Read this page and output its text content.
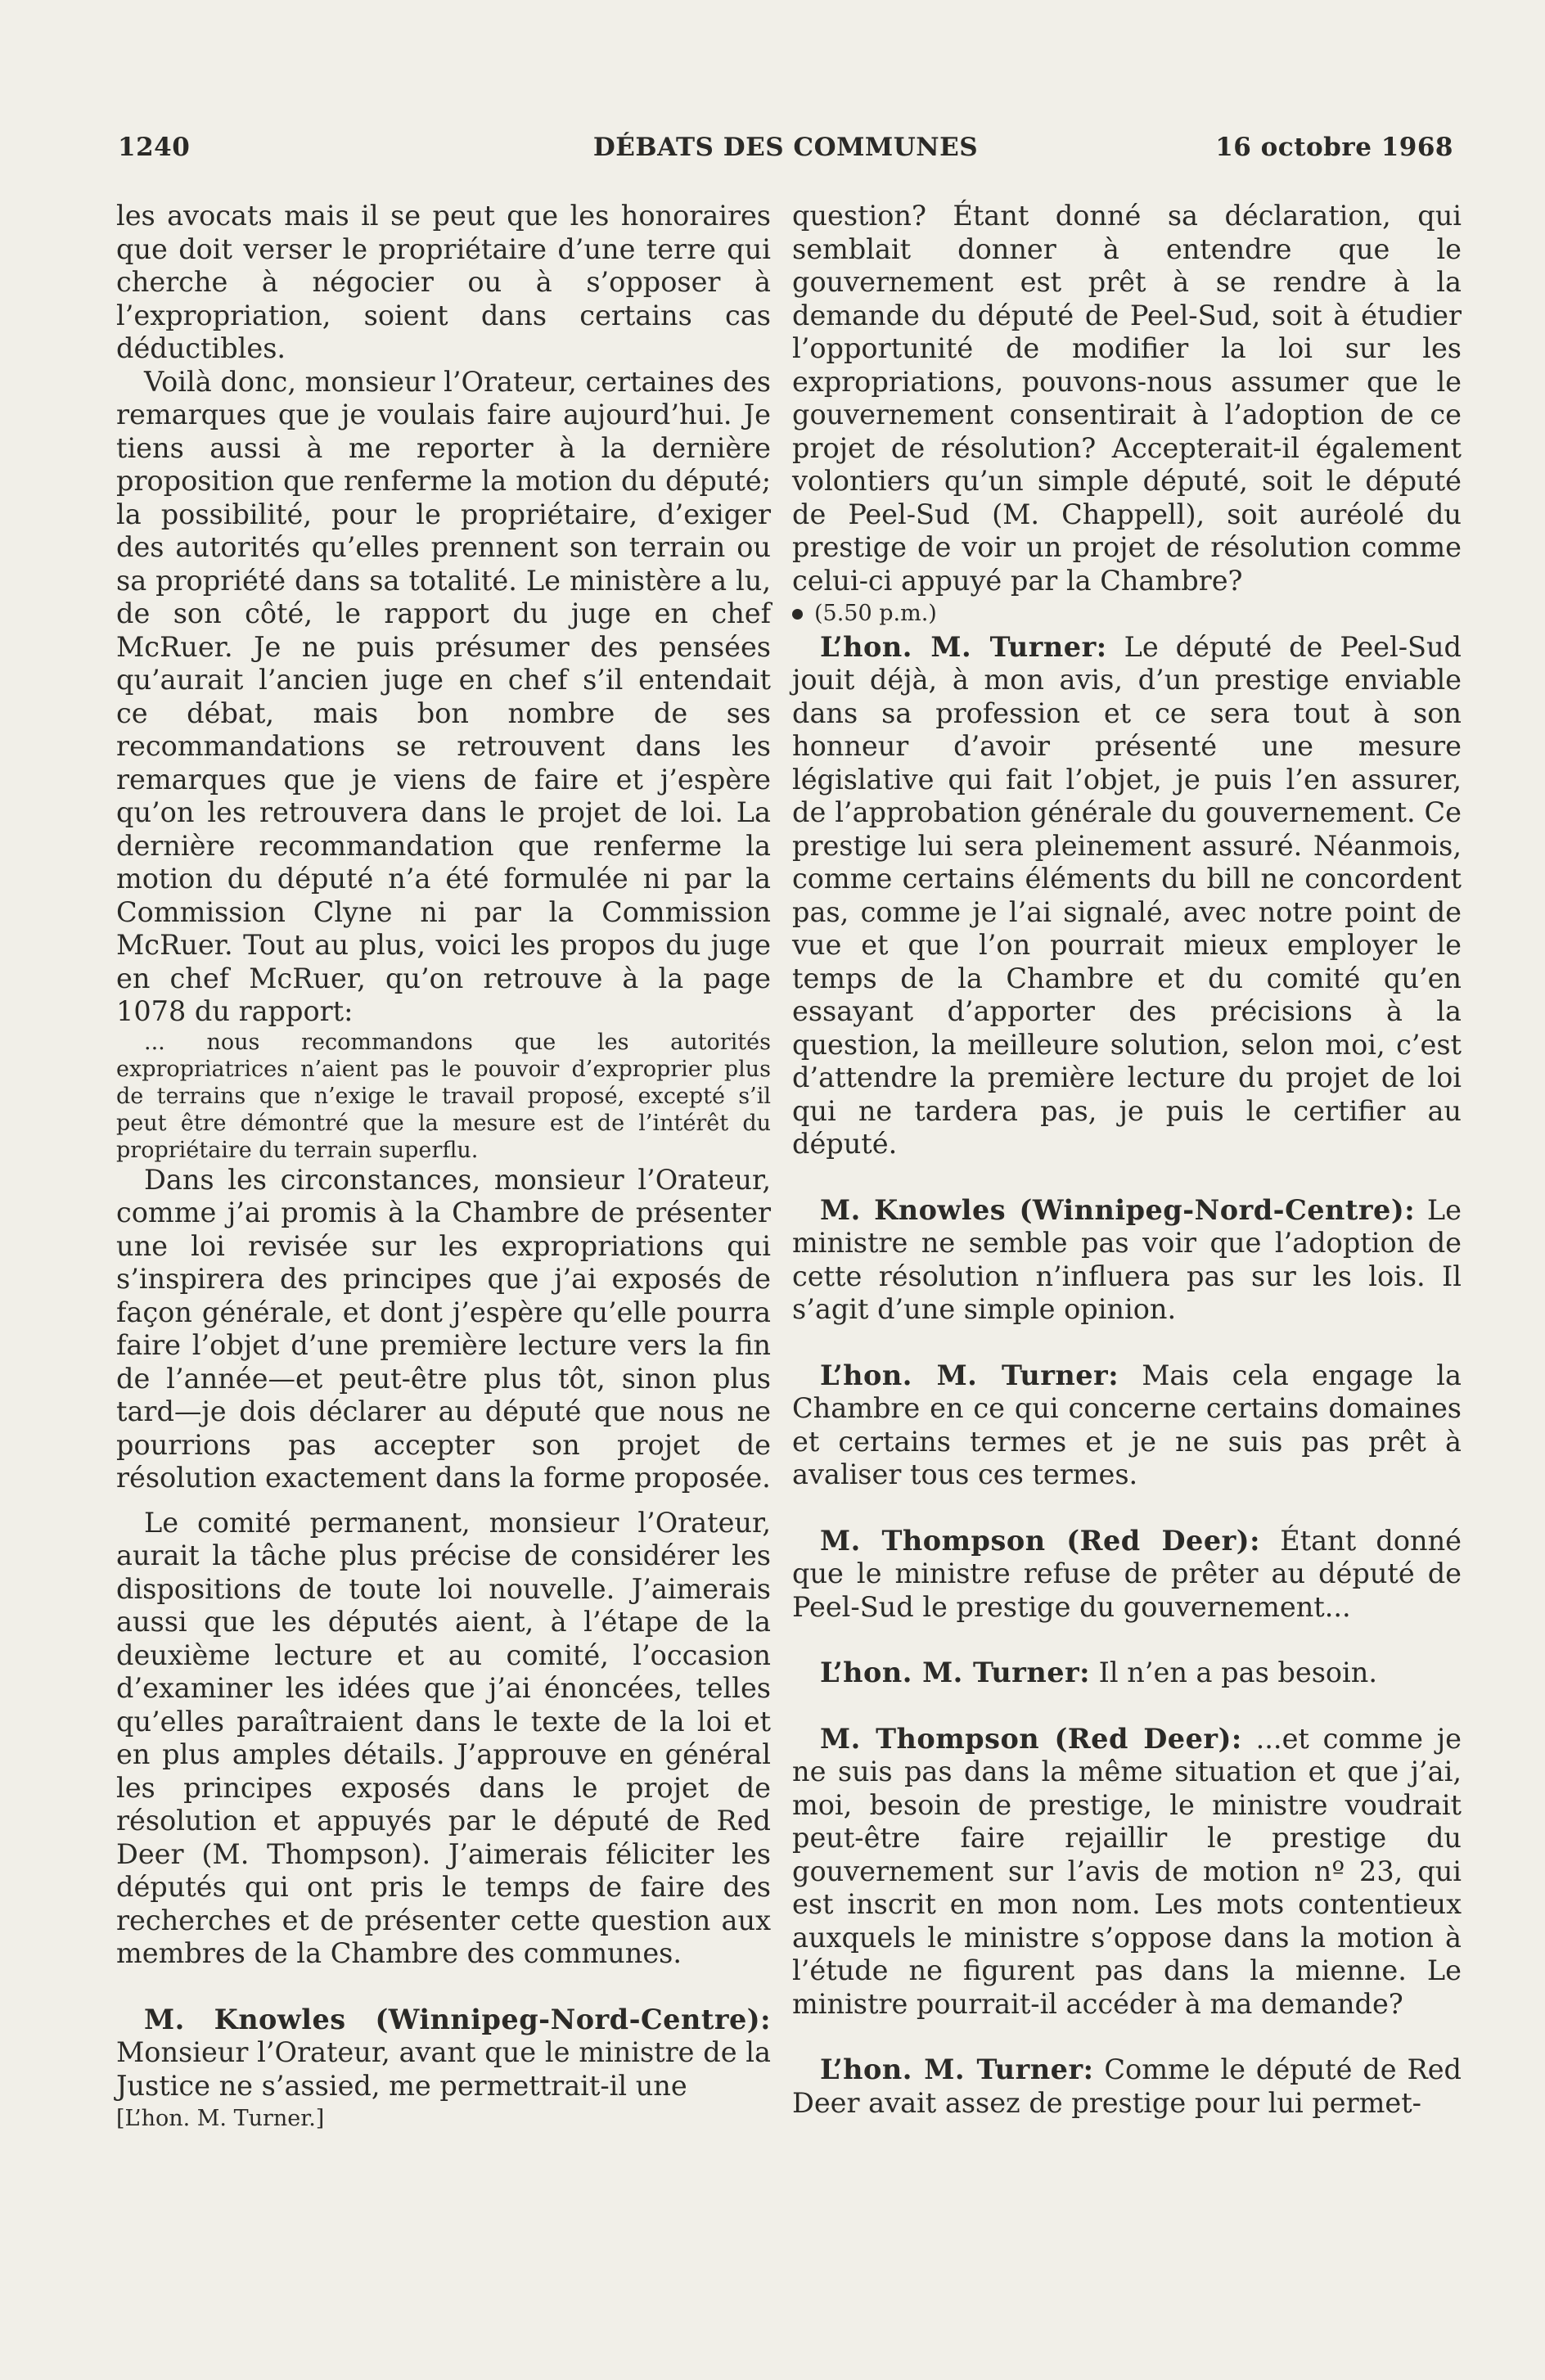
1240	DÉBATS DES COMMUNES	16 octobre 1968

les avocats mais il se peut que les honoraires que doit verser le propriétaire d’une terre qui cherche à négocier ou à s’opposer à l’expropriation, soient dans certains cas déductibles.

Voilà donc, monsieur l’Orateur, certaines des remarques que je voulais faire aujourd’hui. Je tiens aussi à me reporter à la dernière proposition que renferme la motion du député; la possibilité, pour le propriétaire, d’exiger des autorités qu’elles prennent son terrain ou sa propriété dans sa totalité. Le ministère a lu, de son côté, le rapport du juge en chef McRuer. Je ne puis présumer des pensées qu’aurait l’ancien juge en chef s’il entendait ce débat, mais bon nombre de ses recommandations se retrouvent dans les remarques que je viens de faire et j’espère qu’on les retrouvera dans le projet de loi. La dernière recommandation que renferme la motion du député n’a été formulée ni par la Commission Clyne ni par la Commission McRuer. Tout au plus, voici les propos du juge en chef McRuer, qu’on retrouve à la page 1078 du rapport:

... nous recommandons que les autorités expropriatrices n’aient pas le pouvoir d’exproprier plus de terrains que n’exige le travail proposé, excepté s’il peut être démontré que la mesure est de l’intérêt du propriétaire du terrain superflu.

Dans les circonstances, monsieur l’Orateur, comme j’ai promis à la Chambre de présenter une loi revisée sur les expropriations qui s’inspirera des principes que j’ai exposés de façon générale, et dont j’espère qu’elle pourra faire l’objet d’une première lecture vers la fin de l’année—et peut-être plus tôt, sinon plus tard—je dois déclarer au député que nous ne pourrions pas accepter son projet de résolution exactement dans la forme proposée.

Le comité permanent, monsieur l’Orateur, aurait la tâche plus précise de considérer les dispositions de toute loi nouvelle. J’aimerais aussi que les députés aient, à l’étape de la deuxième lecture et au comité, l’occasion d’examiner les idées que j’ai énoncées, telles qu’elles paraîtraient dans le texte de la loi et en plus amples détails. J’approuve en général les principes exposés dans le projet de résolution et appuyés par le député de Red Deer (M. Thompson). J’aimerais féliciter les députés qui ont pris le temps de faire des recherches et de présenter cette question aux membres de la Chambre des communes.

M. Knowles (Winnipeg-Nord-Centre): Monsieur l’Orateur, avant que le ministre de la Justice ne s’assied, me permettrait-il une

[L’hon. M. Turner.]

question? Étant donné sa déclaration, qui semblait donner à entendre que le gouvernement est prêt à se rendre à la demande du député de Peel-Sud, soit à étudier l’opportunité de modifier la loi sur les expropriations, pouvons-nous assumer que le gouvernement consentirait à l’adoption de ce projet de résolution? Accepterait-il également volontiers qu’un simple député, soit le député de Peel-Sud (M. Chappell), soit auréolé du prestige de voir un projet de résolution comme celui-ci appuyé par la Chambre?

(5.50 p.m.)

L’hon. M. Turner: Le député de Peel-Sud jouit déjà, à mon avis, d’un prestige enviable dans sa profession et ce sera tout à son honneur d’avoir présenté une mesure législative qui fait l’objet, je puis l’en assurer, de l’approbation générale du gouvernement. Ce prestige lui sera pleinement assuré. Néanmois, comme certains éléments du bill ne concordent pas, comme je l’ai signalé, avec notre point de vue et que l’on pourrait mieux employer le temps de la Chambre et du comité qu’en essayant d’apporter des précisions à la question, la meilleure solution, selon moi, c’est d’attendre la première lecture du projet de loi qui ne tardera pas, je puis le certifier au député.

M. Knowles (Winnipeg-Nord-Centre): Le ministre ne semble pas voir que l’adoption de cette résolution n’influera pas sur les lois. Il s’agit d’une simple opinion.

L’hon. M. Turner: Mais cela engage la Chambre en ce qui concerne certains domaines et certains termes et je ne suis pas prêt à avaliser tous ces termes.

M. Thompson (Red Deer): Étant donné que le ministre refuse de prêter au député de Peel-Sud le prestige du gouvernement...

L’hon. M. Turner: Il n’en a pas besoin.

M. Thompson (Red Deer): ...et comme je ne suis pas dans la même situation et que j’ai, moi, besoin de prestige, le ministre voudrait peut-être faire rejaillir le prestige du gouvernement sur l’avis de motion nº 23, qui est inscrit en mon nom. Les mots contentieux auxquels le ministre s’oppose dans la motion à l’étude ne figurent pas dans la mienne. Le ministre pourrait-il accéder à ma demande?

L’hon. M. Turner: Comme le député de Red Deer avait assez de prestige pour lui permet-
